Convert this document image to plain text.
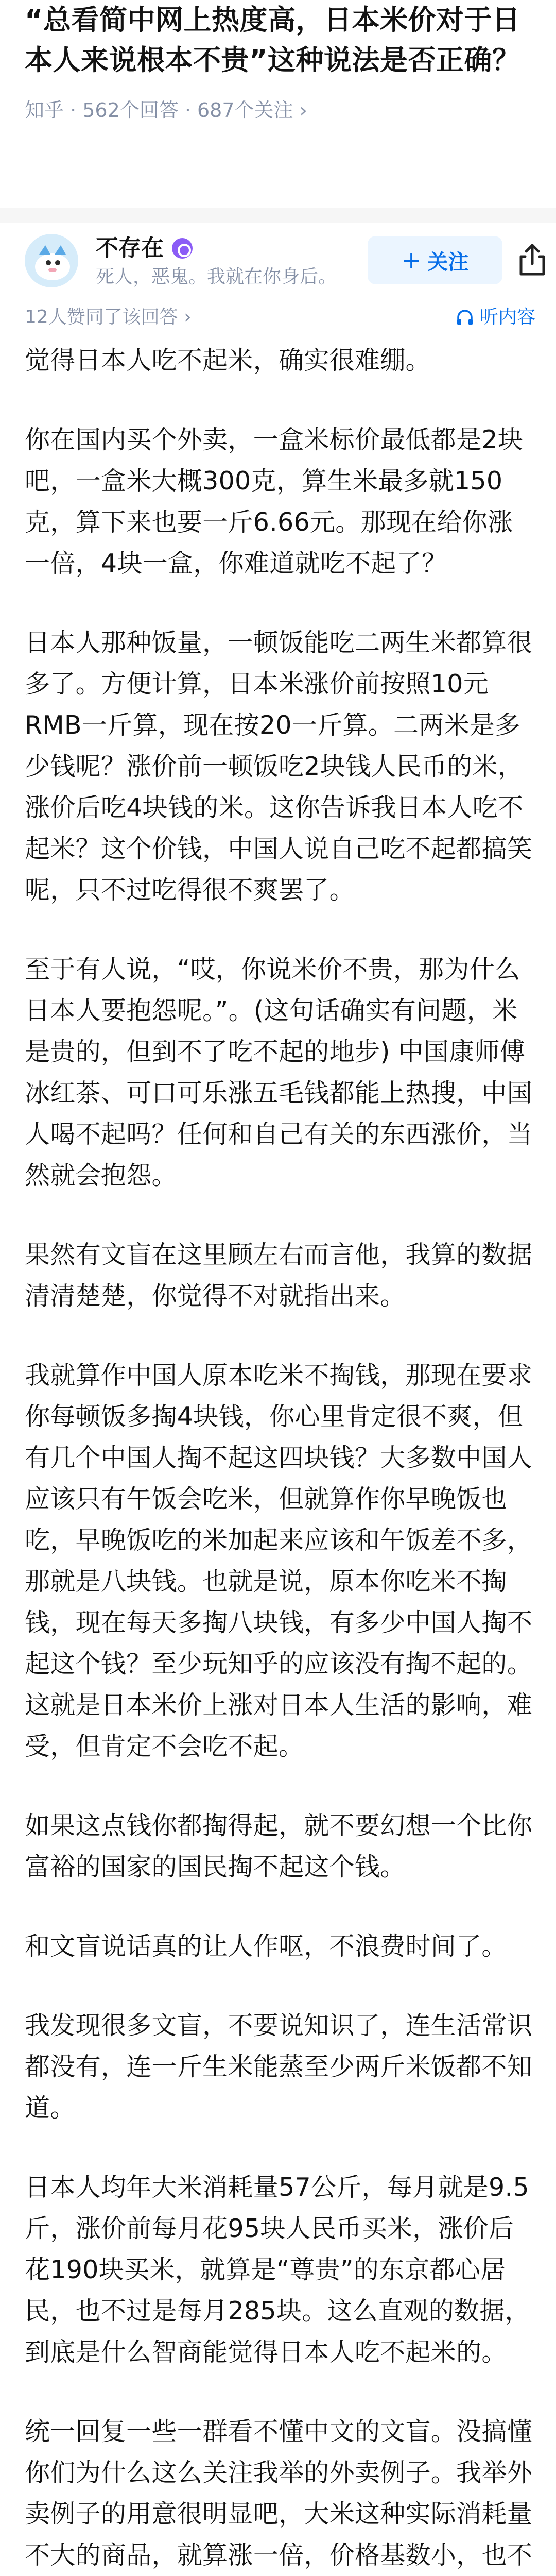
“总看简中网上热度高，日本米价对于日本人来说根本不贵”这种说法是否正确？
知乎 · 562个回答 · 687个关注 ›
不存在
死人，恶鬼。我就在你身后。
+ 关注
12人赞同了该回答 ›	听内容

觉得日本人吃不起米，确实很难绷。

你在国内买个外卖，一盒米标价最低都是2块吧，一盒米大概300克，算生米最多就150克，算下来也要一斤6.66元。那现在给你涨一倍，4块一盒，你难道就吃不起了？

日本人那种饭量，一顿饭能吃二两生米都算很多了。方便计算，日本米涨价前按照10元RMB一斤算，现在按20一斤算。二两米是多少钱呢？涨价前一顿饭吃2块钱人民币的米，涨价后吃4块钱的米。这你告诉我日本人吃不起米？这个价钱，中国人说自己吃不起都搞笑呢，只不过吃得很不爽罢了。

至于有人说，“哎，你说米价不贵，那为什么日本人要抱怨呢。”。(这句话确实有问题，米是贵的，但到不了吃不起的地步) 中国康师傅冰红茶、可口可乐涨五毛钱都能上热搜，中国人喝不起吗？任何和自己有关的东西涨价，当然就会抱怨。

果然有文盲在这里顾左右而言他，我算的数据清清楚楚，你觉得不对就指出来。

我就算作中国人原本吃米不掏钱，那现在要求你每顿饭多掏4块钱，你心里肯定很不爽，但有几个中国人掏不起这四块钱？大多数中国人应该只有午饭会吃米，但就算作你早晚饭也吃，早晚饭吃的米加起来应该和午饭差不多，那就是八块钱。也就是说，原本你吃米不掏钱，现在每天多掏八块钱，有多少中国人掏不起这个钱？至少玩知乎的应该没有掏不起的。这就是日本米价上涨对日本人生活的影响，难受，但肯定不会吃不起。

如果这点钱你都掏得起，就不要幻想一个比你富裕的国家的国民掏不起这个钱。

和文盲说话真的让人作呕，不浪费时间了。

我发现很多文盲，不要说知识了，连生活常识都没有，连一斤生米能蒸至少两斤米饭都不知道。

日本人均年大米消耗量57公斤，每月就是9.5斤，涨价前每月花95块人民币买米，涨价后花190块买米，就算是“尊贵”的东京都心居民，也不过是每月285块。这么直观的数据，到底是什么智商能觉得日本人吃不起米的。

统一回复一些一群看不懂中文的文盲。没搞懂你们为什么这么关注我举的外卖例子。我举外卖例子的用意很明显吧，大米这种实际消耗量不大的商品，就算涨一倍，价格基数小，也不
